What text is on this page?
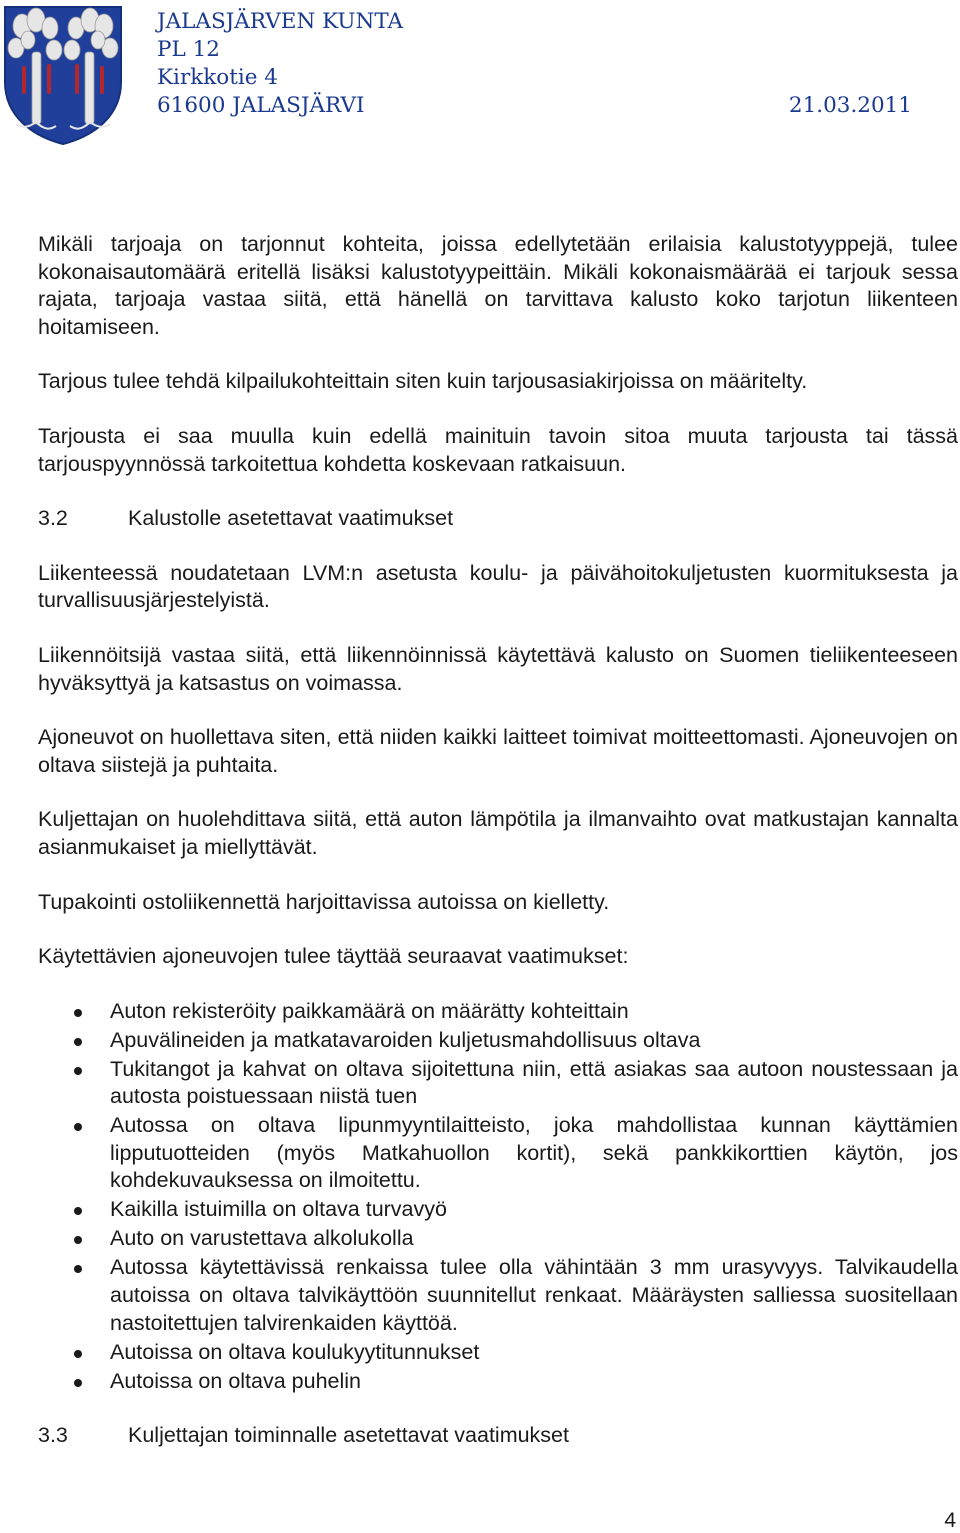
JALASJÄRVEN KUNTA
PL 12
Kirkkotie 4
61600 JALASJÄRVI	21.03.2011

Mikäli tarjoaja on tarjonnut kohteita, joissa edellytetään erilaisia kalustotyyppejä, tulee kokonaisautomäärä eritellä lisäksi kalustotyypeittäin. Mikäli kokonaismäärää ei tarjouk sessa rajata, tarjoaja vastaa siitä, että hänellä on tarvittava kalusto koko tarjotun liikenteen hoitamiseen.

Tarjous tulee tehdä kilpailukohteittain siten kuin tarjousasiakirjoissa on määritelty.

Tarjousta ei saa muulla kuin edellä mainituin tavoin sitoa muuta tarjousta tai tässä tarjouspyynnössä tarkoitettua kohdetta koskevaan ratkaisuun.

3.2	Kalustolle asetettavat vaatimukset

Liikenteessä noudatetaan LVM:n asetusta koulu- ja päivähoitokuljetusten kuormituksesta ja turvallisuusjärjestelyistä.

Liikennöitsijä vastaa siitä, että liikennöinnissä käytettävä kalusto on Suomen tieliikenteeseen hyväksyttyä ja katsastus on voimassa.

Ajoneuvot on huollettava siten, että niiden kaikki laitteet toimivat moitteettomasti. Ajoneuvojen on oltava siistejä ja puhtaita.

Kuljettajan on huolehdittava siitä, että auton lämpötila ja ilmanvaihto ovat matkustajan kannalta asianmukaiset ja miellyttävät.

Tupakointi ostoliikennettä harjoittavissa autoissa on kielletty.

Käytettävien ajoneuvojen tulee täyttää seuraavat vaatimukset:

Auton rekisteröity paikkamäärä on määrätty kohteittain
Apuvälineiden ja matkatavaroiden kuljetusmahdollisuus oltava
Tukitangot ja kahvat on oltava sijoitettuna niin, että asiakas saa autoon noustessaan ja autosta poistuessaan niistä tuen
Autossa on oltava lipunmyyntilaitteisto, joka mahdollistaa kunnan käyttämien lipputuotteiden (myös Matkahuollon kortit), sekä pankkikorttien käytön, jos kohdekuvauksessa on ilmoitettu.
Kaikilla istuimilla on oltava turvavyö
Auto on varustettava alkolukolla
Autossa käytettävissä renkaissa tulee olla vähintään 3 mm urasyvyys. Talvikaudella autoissa on oltava talvikäyttöön suunnitellut renkaat. Määräysten salliessa suositellaan nastoitettujen talvirenkaiden käyttöä.
Autoissa on oltava koulukyytitunnukset
Autoissa on oltava puhelin
3.3	Kuljettajan toiminnalle asetettavat vaatimukset
4
